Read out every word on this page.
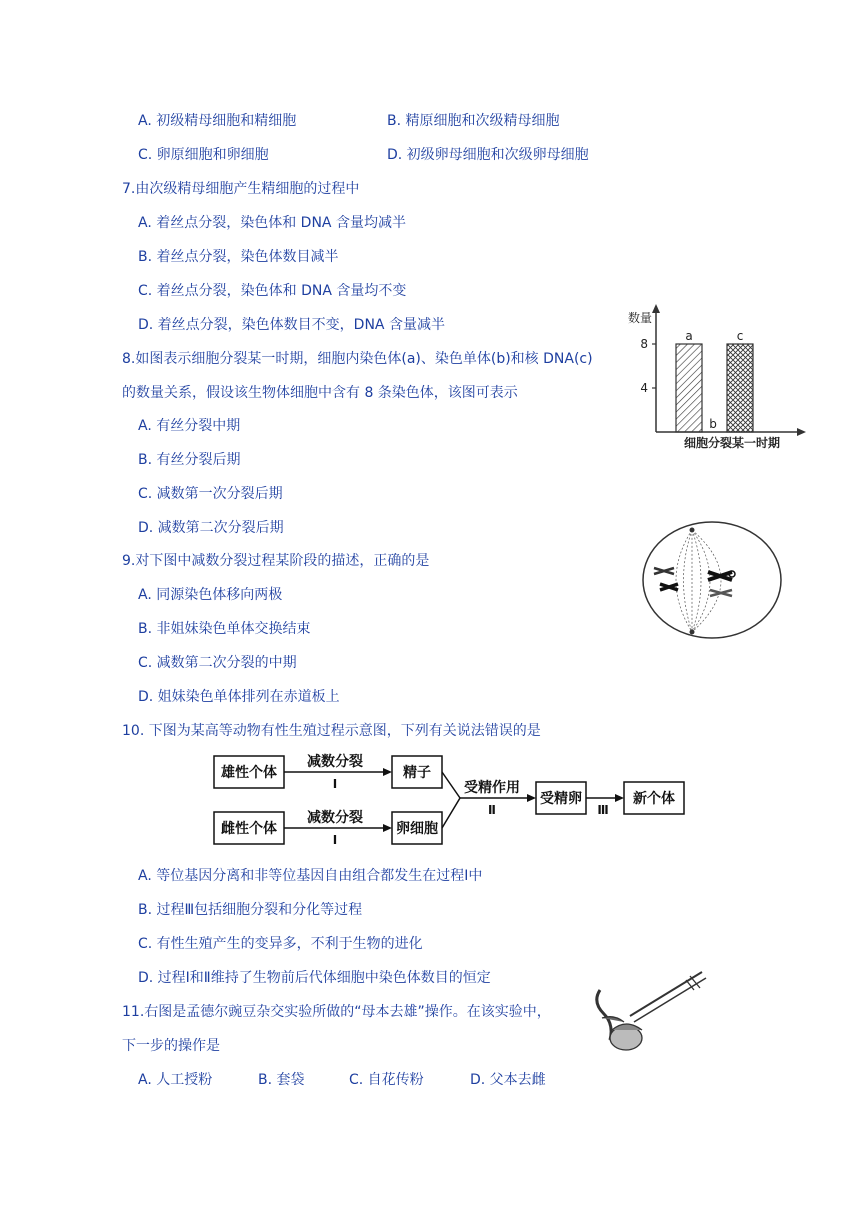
A. 初级精母细胞和精细胞	B. 精原细胞和次级精母细胞
C. 卵原细胞和卵细胞	D. 初级卵母细胞和次级卵母细胞
7.由次级精母细胞产生精细胞的过程中
A. 着丝点分裂，染色体和 DNA 含量均减半
B. 着丝点分裂，染色体数目减半
C. 着丝点分裂，染色体和 DNA 含量均不变
D. 着丝点分裂，染色体数目不变，DNA 含量减半
8.如图表示细胞分裂某一时期，细胞内染色体(a)、染色单体(b)和核 DNA(c)
的数量关系，假设该生物体细胞中含有 8 条染色体，该图可表示
A. 有丝分裂中期
B. 有丝分裂后期
C. 减数第一次分裂后期
D. 减数第二次分裂后期
数量
4
8
a
b
c
细胞分裂某一时期
9.对下图中减数分裂过程某阶段的描述，正确的是
A. 同源染色体移向两极
B. 非姐妹染色单体交换结束
C. 减数第二次分裂的中期
D. 姐妹染色单体排列在赤道板上
10. 下图为某高等动物有性生殖过程示意图，下列有关说法错误的是
雄性个体
雌性个体
减数分裂
Ⅰ
减数分裂
Ⅰ
精子
卵细胞
受精作用
Ⅱ
受精卵
Ⅲ
新个体
A. 等位基因分离和非等位基因自由组合都发生在过程Ⅰ中
B. 过程Ⅲ包括细胞分裂和分化等过程
C. 有性生殖产生的变异多，不利于生物的进化
D. 过程Ⅰ和Ⅱ维持了生物前后代体细胞中染色体数目的恒定
11.右图是孟德尔豌豆杂交实验所做的“母本去雄”操作。在该实验中，
下一步的操作是
A. 人工授粉	B. 套袋	C. 自花传粉	D. 父本去雌
